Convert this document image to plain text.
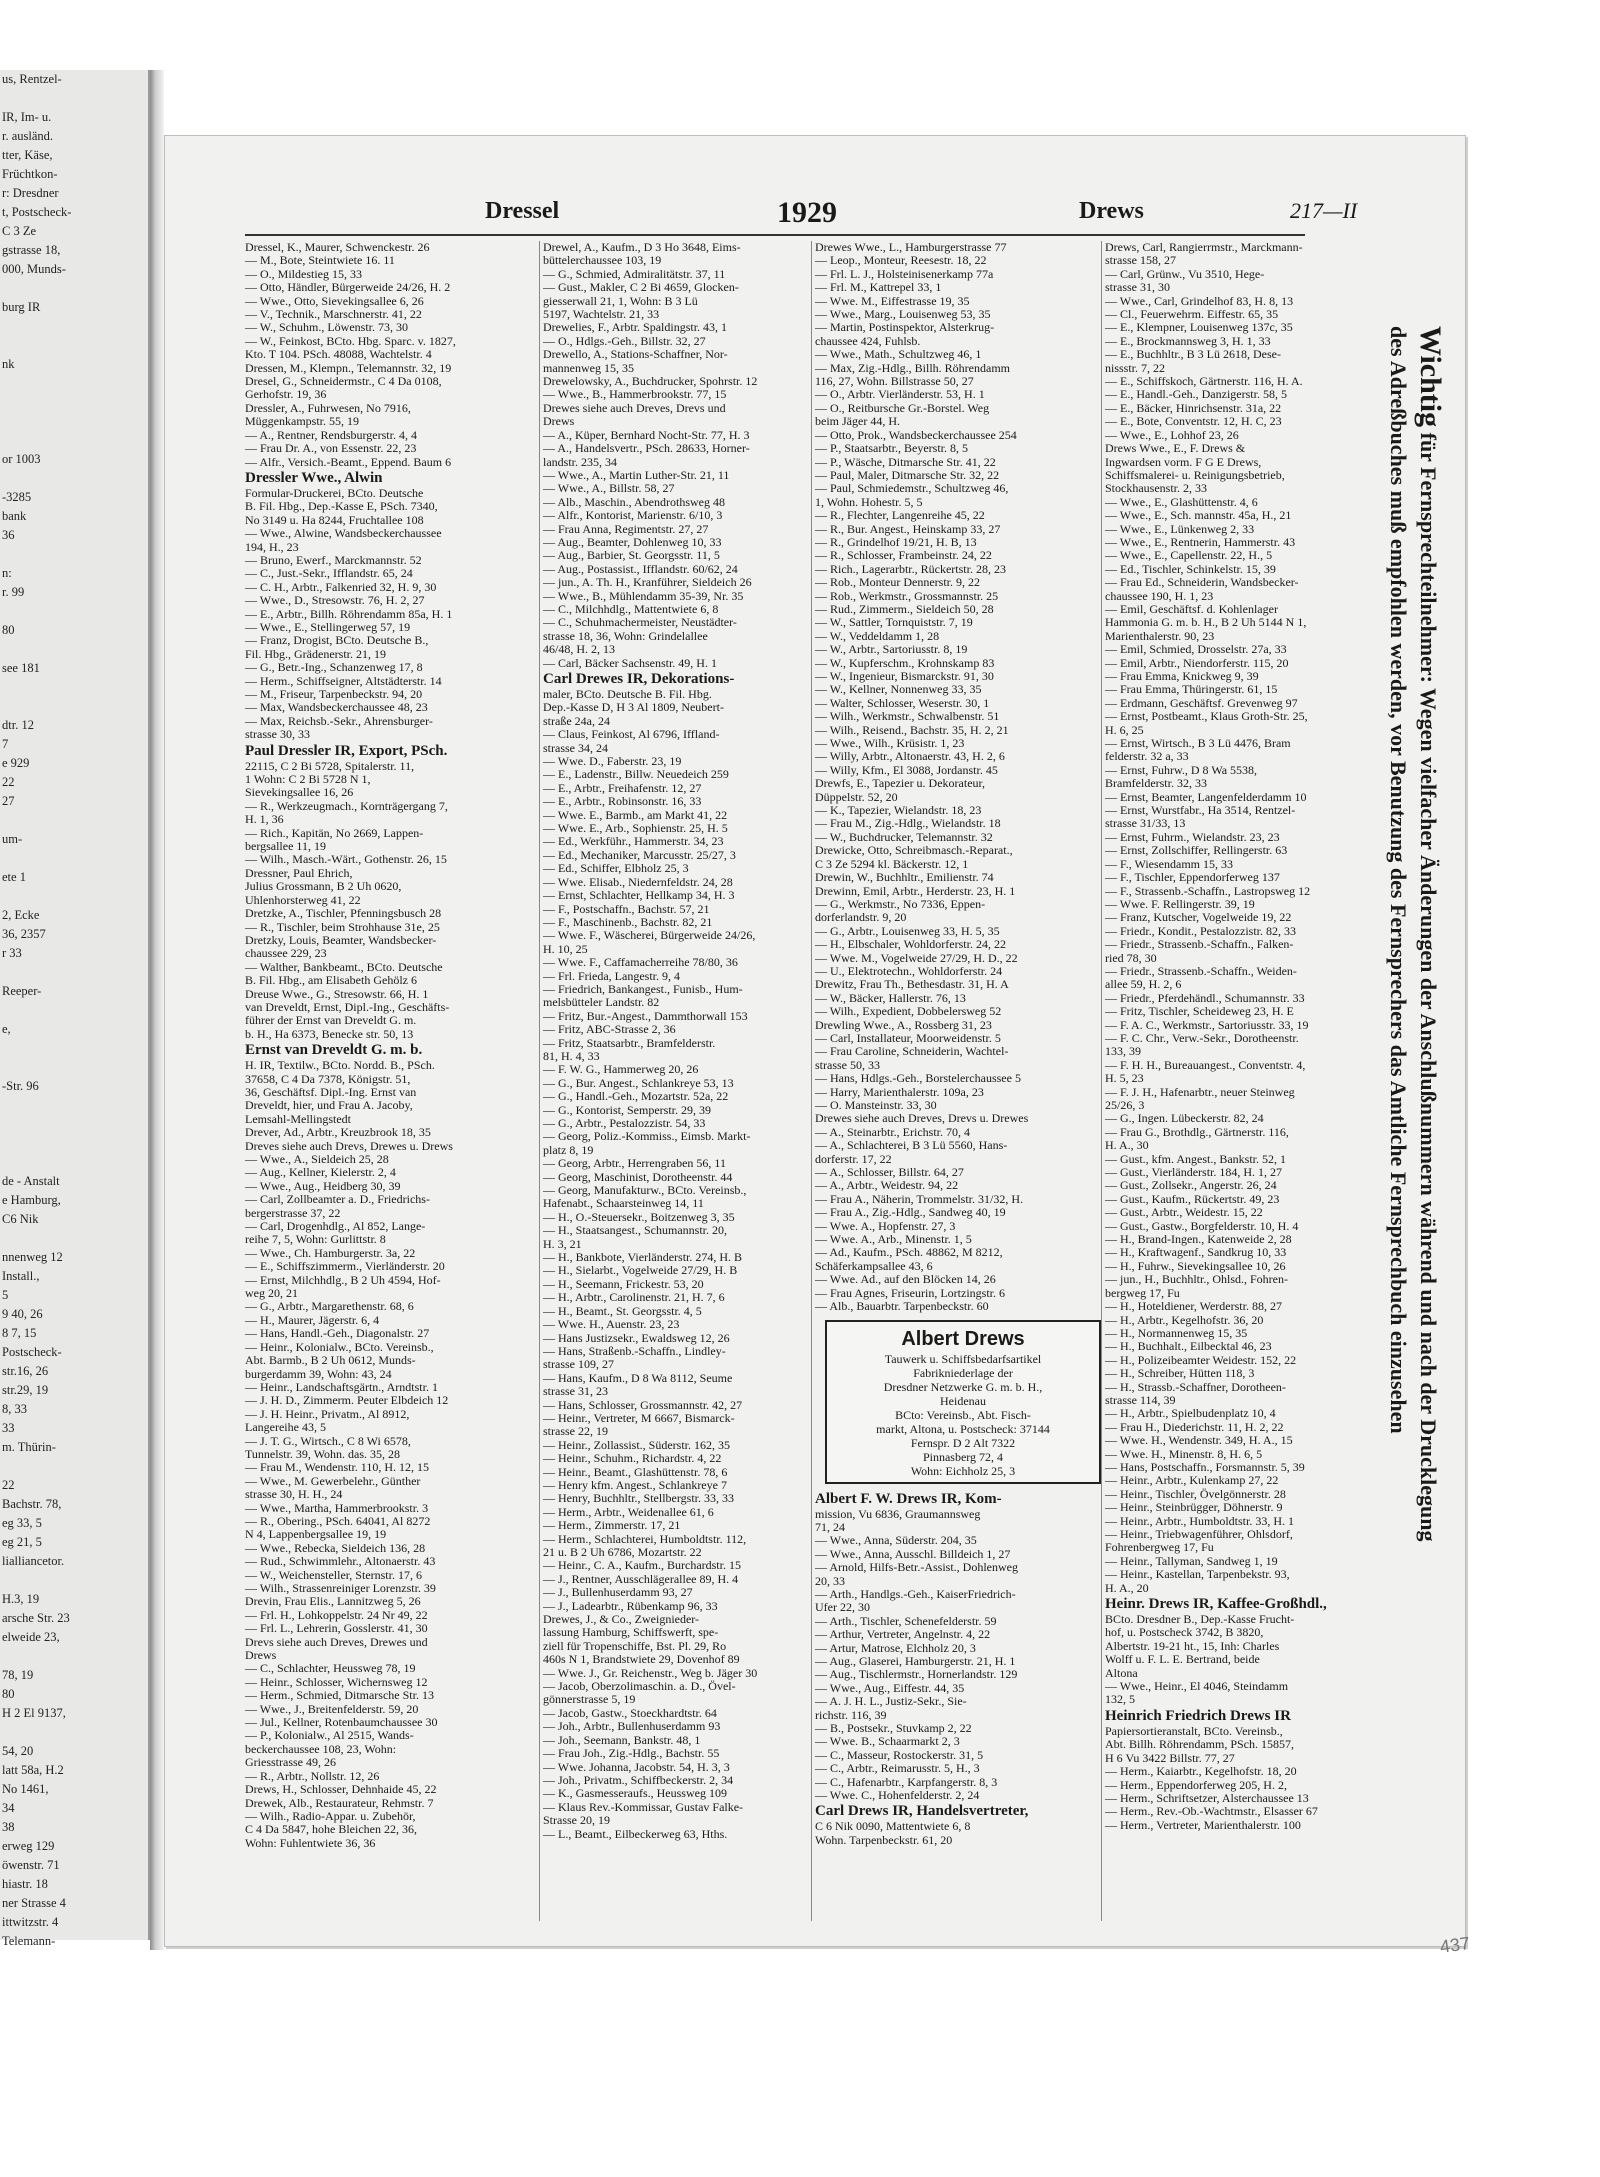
us, Rentzel-

IR, Im- u.
r. ausländ.
tter, Käse,
Früchtkon-
r: Dresdner
t, Postscheck-
C 3 Ze
gstrasse 18,
000, Munds-

burg IR

nk

or 1003

-3285
bank
36

n:
r. 99

80

see 181

dtr. 12
7
e 929
22
27

um-

ete 1

2, Ecke
36, 2357
r 33

Reeper-

e,

-Str. 96

de - Anstalt
e Hamburg,
C6 Nik

nnenweg 12
Install.,
5
9 40, 26
8 7, 15
Postscheck-
str.16, 26
str.29, 19
8, 33
33
m. Thürin-

22
Bachstr. 78,
eg 33, 5
eg 21, 5
lialliancetor.

H.3, 19
arsche Str. 23
elweide 23,

78, 19
80
H 2 El 9137,

54, 20
latt 58a, H.2
No 1461,
34
38
erweg 129
öwenstr. 71
hiastr. 18
ner Strasse 4
ittwitzstr. 4
Telemann-
Dressel	1929	Drews	217—II
Dressel, K., Maurer, Schwenckestr. 26
— M., Bote, Steintwiete 16. 11
— O., Mildestieg 15, 33
— Otto, Händler, Bürgerweide 24/26, H. 2
— Wwe., Otto, Sievekingsallee 6, 26
— V., Technik., Marschnerstr. 41, 22
— W., Schuhm., Löwenstr. 73, 30
— W., Feinkost, BCto. Hbg. Sparc. v. 1827,
Kto. T 104. PSch. 48088, Wachtelstr. 4
Dressen, M., Klempn., Telemannstr. 32, 19
Dresel, G., Schneidermstr., C 4 Da 0108,
Gerhofstr. 19, 36
Dressler, A., Fuhrwesen, No 7916,
Müggenkampstr. 55, 19
— A., Rentner, Rendsburgerstr. 4, 4
— Frau Dr. A., von Essenstr. 22, 23
— Alfr., Versich.-Beamt., Eppend. Baum 6
Dressler Wwe., Alwin
Formular-Druckerei, BCto. Deutsche
B. Fil. Hbg., Dep.-Kasse E, PSch. 7340,
No 3149 u. Ha 8244, Fruchtallee 108
— Wwe., Alwine, Wandsbeckerchaussee
194, H., 23
— Bruno, Ewerf., Marckmannstr. 52
— C., Just.-Sekr., Ifflandstr. 65, 24
— C. H., Arbtr., Falkenried 32, H. 9, 30
— Wwe., D., Stresowstr. 76, H. 2, 27
— E., Arbtr., Billh. Röhrendamm 85a, H. 1
— Wwe., E., Stellingerweg 57, 19
— Franz, Drogist, BCto. Deutsche B.,
Fil. Hbg., Grädenerstr. 21, 19
— G., Betr.-Ing., Schanzenweg 17, 8
— Herm., Schiffseigner, Altstädterstr. 14
— M., Friseur, Tarpenbeckstr. 94, 20
— Max, Wandsbeckerchaussee 48, 23
— Max, Reichsb.-Sekr., Ahrensburger-
strasse 30, 33
Paul Dressler IR, Export, PSch.
22115, C 2 Bi 5728, Spitalerstr. 11,
1 Wohn: C 2 Bi 5728 N 1,
Sievekingsallee 16, 26
— R., Werkzeugmach., Kornträgergang 7,
H. 1, 36
— Rich., Kapitän, No 2669, Lappen-
bergsallee 11, 19
— Wilh., Masch.-Wärt., Gothenstr. 26, 15
Dressner, Paul Ehrich,
Julius Grossmann, B 2 Uh 0620,
Uhlenhorsterweg 41, 22
Dretzke, A., Tischler, Pfenningsbusch 28
— R., Tischler, beim Strohhause 31e, 25
Dretzky, Louis, Beamter, Wandsbecker-
chaussee 229, 23
— Walther, Bankbeamt., BCto. Deutsche
B. Fil. Hbg., am Elisabeth Gehölz 6
Dreuse Wwe., G., Stresowstr. 66, H. 1
van Dreveldt, Ernst, Dipl.-Ing., Geschäfts-
führer der Ernst van Dreveldt G. m.
b. H., Ha 6373, Benecke str. 50, 13
Ernst van Dreveldt G. m. b.
H. IR, Textilw., BCto. Nordd. B., PSch.
37658, C 4 Da 7378, Königstr. 51,
36, Geschäftsf. Dipl.-Ing. Ernst van
Dreveldt, hier, und Frau A. Jacoby,
Lemsahl-Mellingstedt
Drever, Ad., Arbtr., Kreuzbrook 18, 35
Dreves siehe auch Drevs, Drewes u. Drews
— Wwe., A., Sieldeich 25, 28
— Aug., Kellner, Kielerstr. 2, 4
— Wwe., Aug., Heidberg 30, 39
— Carl, Zollbeamter a. D., Friedrichs-
bergerstrasse 37, 22
— Carl, Drogenhdlg., Al 852, Lange-
reihe 7, 5, Wohn: Gurlittstr. 8
— Wwe., Ch. Hamburgerstr. 3a, 22
— E., Schiffszimmerm., Vierländerstr. 20
— Ernst, Milchhdlg., B 2 Uh 4594, Hof-
weg 20, 21
— G., Arbtr., Margarethenstr. 68, 6
— H., Maurer, Jägerstr. 6, 4
— Hans, Handl.-Geh., Diagonalstr. 27
— Heinr., Kolonialw., BCto. Vereinsb.,
Abt. Barmb., B 2 Uh 0612, Munds-
burgerdamm 39, Wohn: 43, 24
— Heinr., Landschaftsgärtn., Arndtstr. 1
— J. H. D., Zimmerm. Peuter Elbdeich 12
— J. H. Heinr., Privatm., Al 8912,
Langereihe 43, 5
— J. T. G., Wirtsch., C 8 Wi 6578,
Tunnelstr. 39, Wohn. das. 35, 28
— Frau M., Wendenstr. 110, H. 12, 15
— Wwe., M. Gewerbelehr., Günther
strasse 30, H. H., 24
— Wwe., Martha, Hammerbrookstr. 3
— R., Obering., PSch. 64041, Al 8272
N 4, Lappenbergsallee 19, 19
— Wwe., Rebecka, Sieldeich 136, 28
— Rud., Schwimmlehr., Altonaerstr. 43
— W., Weichensteller, Sternstr. 17, 6
— Wilh., Strassenreiniger Lorenzstr. 39
Drevin, Frau Elis., Lannitzweg 5, 26
— Frl. H., Lohkoppelstr. 24 Nr 49, 22
— Frl. L., Lehrerin, Gosslerstr. 41, 30
Drevs siehe auch Dreves, Drewes und
Drews
— C., Schlachter, Heussweg 78, 19
— Heinr., Schlosser, Wichernsweg 12
— Herm., Schmied, Ditmarsche Str. 13
— Wwe., J., Breitenfelderstr. 59, 20
— Jul., Kellner, Rotenbaumchaussee 30
— P., Kolonialw., Al 2515, Wands-
beckerchaussee 108, 23, Wohn:
Griesstrasse 49, 26
— R., Arbtr., Nollstr. 12, 26
Drews, H., Schlosser, Dehnhaide 45, 22
Drewek, Alb., Restaurateur, Rehmstr. 7
— Wilh., Radio-Appar. u. Zubehör,
C 4 Da 5847, hohe Bleichen 22, 36,
Wohn: Fuhlentwiete 36, 36
Drewel, A., Kaufm., D 3 Ho 3648, Eims-
büttelerchaussee 103, 19
— G., Schmied, Admiralitätstr. 37, 11
— Gust., Makler, C 2 Bi 4659, Glocken-
giesserwall 21, 1, Wohn: B 3 Lü
5197, Wachtelstr. 21, 33
Drewelies, F., Arbtr. Spaldingstr. 43, 1
— O., Hdlgs.-Geh., Billstr. 32, 27
Drewello, A., Stations-Schaffner, Nor-
mannenweg 15, 35
Drewelowsky, A., Buchdrucker, Spohrstr. 12
— Wwe., B., Hammerbrookstr. 77, 15
Drewes siehe auch Dreves, Drevs und
Drews
— A., Küper, Bernhard Nocht-Str. 77, H. 3
— A., Handelsvertr., PSch. 28633, Horner-
landstr. 235, 34
— Wwe., A., Martin Luther-Str. 21, 11
— Wwe., A., Billstr. 58, 27
— Alb., Maschin., Abendrothsweg 48
— Alfr., Kontorist, Marienstr. 6/10, 3
— Frau Anna, Regimentstr. 27, 27
— Aug., Beamter, Dohlenweg 10, 33
— Aug., Barbier, St. Georgsstr. 11, 5
— Aug., Postassist., Ifflandstr. 60/62, 24
— jun., A. Th. H., Kranführer, Sieldeich 26
— Wwe., B., Mühlendamm 35-39, Nr. 35
— C., Milchhdlg., Mattentwiete 6, 8
— C., Schuhmachermeister, Neustädter-
strasse 18, 36, Wohn: Grindelallee
46/48, H. 2, 13
— Carl, Bäcker Sachsenstr. 49, H. 1
Carl Drewes IR, Dekorations-
maler, BCto. Deutsche B. Fil. Hbg.
Dep.-Kasse D, H 3 Al 1809, Neubert-
straße 24a, 24
— Claus, Feinkost, Al 6796, Iffland-
strasse 34, 24
— Wwe. D., Faberstr. 23, 19
— E., Ladenstr., Billw. Neuedeich 259
— E., Arbtr., Freihafenstr. 12, 27
— E., Arbtr., Robinsonstr. 16, 33
— Wwe. E., Barmb., am Markt 41, 22
— Wwe. E., Arb., Sophienstr. 25, H. 5
— Ed., Werkführ., Hammerstr. 34, 23
— Ed., Mechaniker, Marcusstr. 25/27, 3
— Ed., Schiffer, Elbholz 25, 3
— Wwe. Elisab., Niedernfeldstr. 24, 28
— Ernst, Schlachter, Hellkamp 34, H. 3
— F., Postschaffn., Bachstr. 57, 21
— F., Maschinenb., Bachstr. 82, 21
— Wwe. F., Wäscherei, Bürgerweide 24/26,
H. 10, 25
— Wwe. F., Caffamacherreihe 78/80, 36
— Frl. Frieda, Langestr. 9, 4
— Friedrich, Bankangest., Funisb., Hum-
melsbütteler Landstr. 82
— Fritz, Bur.-Angest., Dammthorwall 153
— Fritz, ABC-Strasse 2, 36
— Fritz, Staatsarbtr., Bramfelderstr.
81, H. 4, 33
— F. W. G., Hammerweg 20, 26
— G., Bur. Angest., Schlankreye 53, 13
— G., Handl.-Geh., Mozartstr. 52a, 22
— G., Kontorist, Semperstr. 29, 39
— G., Arbtr., Pestalozzistr. 54, 33
— Georg, Poliz.-Kommiss., Eimsb. Markt-
platz 8, 19
— Georg, Arbtr., Herrengraben 56, 11
— Georg, Maschinist, Dorotheenstr. 44
— Georg, Manufakturw., BCto. Vereinsb.,
Hafenabt., Schaarsteinweg 14, 11
— H., O.-Steuersekr., Boitzenweg 3, 35
— H., Staatsangest., Schumannstr. 20,
H. 3, 21
— H., Bankbote, Vierländerstr. 274, H. B
— H., Sielarbt., Vogelweide 27/29, H. B
— H., Seemann, Frickestr. 53, 20
— H., Arbtr., Carolinenstr. 21, H. 7, 6
— H., Beamt., St. Georgsstr. 4, 5
— Wwe. H., Auenstr. 23, 23
— Hans Justizsekr., Ewaldsweg 12, 26
— Hans, Straßenb.-Schaffn., Lindley-
strasse 109, 27
— Hans, Kaufm., D 8 Wa 8112, Seume
strasse 31, 23
— Hans, Schlosser, Grossmannstr. 42, 27
— Heinr., Vertreter, M 6667, Bismarck-
strasse 22, 19
— Heinr., Zollassist., Süderstr. 162, 35
— Heinr., Schuhm., Richardstr. 4, 22
— Heinr., Beamt., Glashüttenstr. 78, 6
— Henry kfm. Angest., Schlankreye 7
— Henry, Buchhltr., Stellbergstr. 33, 33
— Herm., Arbtr., Weidenallee 61, 6
— Herm., Zimmerstr. 17, 21
— Herm., Schlachterei, Humboldtstr. 112,
21 u. B 2 Uh 6786, Mozartstr. 22
— Heinr., C. A., Kaufm., Burchardstr. 15
— J., Rentner, Ausschlägerallee 89, H. 4
— J., Bullenhuserdamm 93, 27
— J., Ladearbtr., Rübenkamp 96, 33
Drewes, J., & Co., Zweignieder-
lassung Hamburg, Schiffswerft, spe-
ziell für Tropenschiffe, Bst. Pl. 29, Ro
460s N 1, Brandstwiete 29, Dovenhof 89
— Wwe. J., Gr. Reichenstr., Weg b. Jäger 30
— Jacob, Oberzolimaschin. a. D., Övel-
gönnerstrasse 5, 19
— Jacob, Gastw., Stoeckhardtstr. 64
— Joh., Arbtr., Bullenhuserdamm 93
— Joh., Seemann, Bankstr. 48, 1
— Frau Joh., Zig.-Hdlg., Bachstr. 55
— Wwe. Johanna, Jacobstr. 54, H. 3, 3
— Joh., Privatm., Schiffbeckerstr. 2, 34
— K., Gasmesseraufs., Heussweg 109
— Klaus Rev.-Kommissar, Gustav Falke-
Strasse 20, 19
— L., Beamt., Eilbeckerweg 63, Hths.
Drewes Wwe., L., Hamburgerstrasse 77
— Leop., Monteur, Reesestr. 18, 22
— Frl. L. J., Holsteinisenerkamp 77a
— Frl. M., Kattrepel 33, 1
— Wwe. M., Eiffestrasse 19, 35
— Wwe., Marg., Louisenweg 53, 35
— Martin, Postinspektor, Alsterkrug-
chaussee 424, Fuhlsb.
— Wwe., Math., Schultzweg 46, 1
— Max, Zig.-Hdlg., Billh. Röhrendamm
116, 27, Wohn. Billstrasse 50, 27
— O., Arbtr. Vierländerstr. 53, H. 1
— O., Reitbursche Gr.-Borstel. Weg
beim Jäger 44, H.
— Otto, Prok., Wandsbeckerchaussee 254
— P., Staatsarbtr., Beyerstr. 8, 5
— P., Wäsche, Ditmarsche Str. 41, 22
— Paul, Maler, Ditmarsche Str. 32, 22
— Paul, Schmiedemstr., Schultzweg 46,
1, Wohn. Hohestr. 5, 5
— R., Flechter, Langenreihe 45, 22
— R., Bur. Angest., Heinskamp 33, 27
— R., Grindelhof 19/21, H. B, 13
— R., Schlosser, Frambeinstr. 24, 22
— Rich., Lagerarbtr., Rückertstr. 28, 23
— Rob., Monteur Dennerstr. 9, 22
— Rob., Werkmstr., Grossmannstr. 25
— Rud., Zimmerm., Sieldeich 50, 28
— W., Sattler, Tornquiststr. 7, 19
— W., Veddeldamm 1, 28
— W., Arbtr., Sartoriusstr. 8, 19
— W., Kupferschm., Krohnskamp 83
— W., Ingenieur, Bismarckstr. 91, 30
— W., Kellner, Nonnenweg 33, 35
— Walter, Schlosser, Weserstr. 30, 1
— Wilh., Werkmstr., Schwalbenstr. 51
— Wilh., Reisend., Bachstr. 35, H. 2, 21
— Wwe., Wilh., Krüsistr. 1, 23
— Willy, Arbtr., Altonaerstr. 43, H. 2, 6
— Willy, Kfm., El 3088, Jordanstr. 45
Drewfs, E., Tapezier u. Dekorateur,
Düppelstr. 52, 20
— K., Tapezier, Wielandstr. 18, 23
— Frau M., Zig.-Hdlg., Wielandstr. 18
— W., Buchdrucker, Telemannstr. 32
Drewicke, Otto, Schreibmasch.-Reparat.,
C 3 Ze 5294 kl. Bäckerstr. 12, 1
Drewin, W., Buchhltr., Emilienstr. 74
Drewinn, Emil, Arbtr., Herderstr. 23, H. 1
— G., Werkmstr., No 7336, Eppen-
dorferlandstr. 9, 20
— G., Arbtr., Louisenweg 33, H. 5, 35
— H., Elbschaler, Wohldorferstr. 24, 22
— Wwe. M., Vogelweide 27/29, H. D., 22
— U., Elektrotechn., Wohldorferstr. 24
Drewitz, Frau Th., Bethesdastr. 31, H. A
— W., Bäcker, Hallerstr. 76, 13
— Wilh., Expedient, Dobbelersweg 52
Drewling Wwe., A., Rossberg 31, 23
— Carl, Installateur, Moorweidenstr. 5
— Frau Caroline, Schneiderin, Wachtel-
strasse 50, 33
— Hans, Hdlgs.-Geh., Borstelerchaussee 5
— Harry, Marienthalerstr. 109a, 23
— O. Mansteinstr. 33, 30
Drewes siehe auch Dreves, Drevs u. Drewes
— A., Steinarbtr., Erichstr. 70, 4
— A., Schlachterei, B 3 Lü 5560, Hans-
dorferstr. 17, 22
— A., Schlosser, Billstr. 64, 27
— A., Arbtr., Weidestr. 94, 22
— Frau A., Näherin, Trommelstr. 31/32, H.
— Frau A., Zig.-Hdlg., Sandweg 40, 19
— Wwe. A., Hopfenstr. 27, 3
— Wwe. A., Arb., Minenstr. 1, 5
— Ad., Kaufm., PSch. 48862, M 8212,
Schäferkampsallee 43, 6
— Wwe. Ad., auf den Blöcken 14, 26
— Frau Agnes, Friseurin, Lortzingstr. 6
— Alb., Bauarbtr. Tarpenbeckstr. 60
Albert Drews
Tauwerk u. Schiffsbedarfsartikel
Fabrikniederlage der
Dresdner Netzwerke G. m. b. H.,
Heidenau
BCto: Vereinsb., Abt. Fisch-
markt, Altona, u. Postscheck: 37144
Fernspr. D 2 Alt 7322
Pinnasberg 72, 4
Wohn: Eichholz 25, 3
Albert F. W. Drews IR, Kom-
mission, Vu 6836, Graumannsweg
71, 24
— Wwe., Anna, Süderstr. 204, 35
— Wwe., Anna, Ausschl. Billdeich 1, 27
— Arnold, Hilfs-Betr.-Assist., Dohlenweg
20, 33
— Arth., Handlgs.-Geh., KaiserFriedrich-
Ufer 22, 30
— Arth., Tischler, Schenefelderstr. 59
— Arthur, Vertreter, Angelnstr. 4, 22
— Artur, Matrose, Elchholz 20, 3
— Aug., Glaserei, Hamburgerstr. 21, H. 1
— Aug., Tischlermstr., Hornerlandstr. 129
— Wwe., Aug., Eiffestr. 44, 35
— A. J. H. L., Justiz-Sekr., Sie-
richstr. 116, 39
— B., Postsekr., Stuvkamp 2, 22
— Wwe. B., Schaarmarkt 2, 3
— C., Masseur, Rostockerstr. 31, 5
— C., Arbtr., Reimarusstr. 5, H., 3
— C., Hafenarbtr., Karpfangerstr. 8, 3
— Wwe. C., Hohenfelderstr. 2, 24
Carl Drews IR, Handelsvertreter,
C 6 Nik 0090, Mattentwiete 6, 8
Wohn. Tarpenbeckstr. 61, 20
Drews, Carl, Rangierrmstr., Marckmann-
strasse 158, 27
— Carl, Grünw., Vu 3510, Hege-
strasse 31, 30
— Wwe., Carl, Grindelhof 83, H. 8, 13
— Cl., Feuerwehrm. Eiffestr. 65, 35
— E., Klempner, Louisenweg 137c, 35
— E., Brockmannsweg 3, H. 1, 33
— E., Buchhltr., B 3 Lü 2618, Dese-
nissstr. 7, 22
— E., Schiffskoch, Gärtnerstr. 116, H. A.
— E., Handl.-Geh., Danzigerstr. 58, 5
— E., Bäcker, Hinrichsenstr. 31a, 22
— E., Bote, Conventstr. 12, H. C, 23
— Wwe., E., Lohhof 23, 26
Drews Wwe., E., F. Drews &
Ingwardsen vorm. F G E Drews,
Schiffsmalerei- u. Reinigungsbetrieb,
Stockhausenstr. 2, 33
— Wwe., E., Glashüttenstr. 4, 6
— Wwe., E., Sch. mannstr. 45a, H., 21
— Wwe., E., Lünkenweg 2, 33
— Wwe., E., Rentnerin, Hammerstr. 43
— Wwe., E., Capellenstr. 22, H., 5
— Ed., Tischler, Schinkelstr. 15, 39
— Frau Ed., Schneiderin, Wandsbecker-
chaussee 190, H. 1, 23
— Emil, Geschäftsf. d. Kohlenlager
Hammonia G. m. b. H., B 2 Uh 5144 N 1,
Marienthalerstr. 90, 23
— Emil, Schmied, Drosselstr. 27a, 33
— Emil, Arbtr., Niendorferstr. 115, 20
— Frau Emma, Knickweg 9, 39
— Frau Emma, Thüringerstr. 61, 15
— Erdmann, Geschäftsf. Grevenweg 97
— Ernst, Postbeamt., Klaus Groth-Str. 25,
H. 6, 25
— Ernst, Wirtsch., B 3 Lü 4476, Bram
felderstr. 32 a, 33
— Ernst, Fuhrw., D 8 Wa 5538,
Bramfelderstr. 32, 33
— Ernst, Beamter, Langenfelderdamm 10
— Ernst, Wurstfabr., Ha 3514, Rentzel-
strasse 31/33, 13
— Ernst, Fuhrm., Wielandstr. 23, 23
— Ernst, Zollschiffer, Rellingerstr. 63
— F., Wiesendamm 15, 33
— F., Tischler, Eppendorferweg 137
— F., Strassenb.-Schaffn., Lastropsweg 12
— Wwe. F. Rellingerstr. 39, 19
— Franz, Kutscher, Vogelweide 19, 22
— Friedr., Kondit., Pestalozzistr. 82, 33
— Friedr., Strassenb.-Schaffn., Falken-
ried 78, 30
— Friedr., Strassenb.-Schaffn., Weiden-
allee 59, H. 2, 6
— Friedr., Pferdehändl., Schumannstr. 33
— Fritz, Tischler, Scheideweg 23, H. E
— F. A. C., Werkmstr., Sartoriusstr. 33, 19
— F. C. Chr., Verw.-Sekr., Dorotheenstr.
133, 39
— F. H. H., Bureauangest., Conventstr. 4,
H. 5, 23
— F. J. H., Hafenarbtr., neuer Steinweg
25/26, 3
— G., Ingen. Lübeckerstr. 82, 24
— Frau G., Brothdlg., Gärtnerstr. 116,
H. A., 30
— Gust., kfm. Angest., Bankstr. 52, 1
— Gust., Vierländerstr. 184, H. 1, 27
— Gust., Zollsekr., Angerstr. 26, 24
— Gust., Kaufm., Rückertstr. 49, 23
— Gust., Arbtr., Weidestr. 15, 22
— Gust., Gastw., Borgfelderstr. 10, H. 4
— H., Brand-Ingen., Katenweide 2, 28
— H., Kraftwagenf., Sandkrug 10, 33
— H., Fuhrw., Sievekingsallee 10, 26
— jun., H., Buchhltr., Ohlsd., Fohren-
bergweg 17, Fu
— H., Hoteldiener, Werderstr. 88, 27
— H., Arbtr., Kegelhofstr. 36, 20
— H., Normannenweg 15, 35
— H., Buchhalt., Eilbecktal 46, 23
— H., Polizeibeamter Weidestr. 152, 22
— H., Schreiber, Hütten 118, 3
— H., Strassb.-Schaffner, Dorotheen-
strasse 114, 39
— H., Arbtr., Spielbudenplatz 10, 4
— Frau H., Diederichstr. 11, H. 2, 22
— Wwe. H., Wendenstr. 349, H. A., 15
— Wwe. H., Minenstr. 8, H. 6, 5
— Hans, Postschaffn., Forsmannstr. 5, 39
— Heinr., Arbtr., Kulenkamp 27, 22
— Heinr., Tischler, Övelgönnerstr. 28
— Heinr., Steinbrügger, Döhnerstr. 9
— Heinr., Arbtr., Humboldtstr. 33, H. 1
— Heinr., Triebwagenführer, Ohlsdorf,
Fohrenbergweg 17, Fu
— Heinr., Tallyman, Sandweg 1, 19
— Heinr., Kastellan, Tarpenbekstr. 93,
H. A., 20
Heinr. Drews IR, Kaffee-Großhdl.,
BCto. Dresdner B., Dep.-Kasse Frucht-
hof, u. Postscheck 3742, B 3820,
Albertstr. 19-21 ht., 15, Inh: Charles
Wolff u. F. L. E. Bertrand, beide
Altona
— Wwe., Heinr., El 4046, Steindamm
132, 5
Heinrich Friedrich Drews IR
Papiersortieranstalt, BCto. Vereinsb.,
Abt. Billh. Röhrendamm, PSch. 15857,
H 6 Vu 3422 Billstr. 77, 27
— Herm., Kaiarbtr., Kegelhofstr. 18, 20
— Herm., Eppendorferweg 205, H. 2,
— Herm., Schriftsetzer, Alsterchaussee 13
— Herm., Rev.-Ob.-Wachtmstr., Elsasser 67
— Herm., Vertreter, Marienthalerstr. 100
Wichtig für Fernsprechteilnehmer: Wegen vielfacher Änderungen der Anschlußnummern während und nach der Drucklegung
des Adreßbuches muß empfohlen werden, vor Benutzung des Fernsprechers das Amtliche Fernsprechbuch einzusehen
437
